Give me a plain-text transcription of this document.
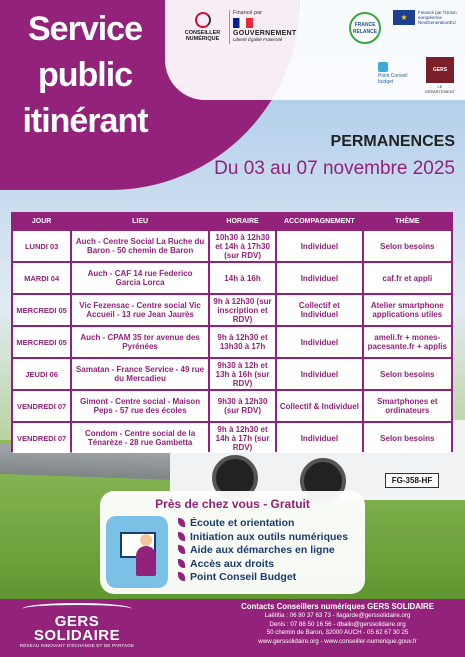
FG-358-HF
Service
public
itinérant
CONSEILLER NUMÉRIQUE
Financé par
GOUVERNEMENT
Liberté Égalité Fraternité
FRANCE RELANCE
★
Financé par l'Union européenne NextGenerationEU
Point Conseil budget
GERS
LE DÉPARTEMENT
PERMANENCES
Du 03 au 07 novembre 2025
JOUR	LIEU	HORAIRE	ACCOMPAGNEMENT	THÈME
LUNDI 03	Auch - Centre Social La Ruche du Baron - 50 chemin de Baron	10h30 à 12h30 et 14h à 17h30 (sur RDV)	Individuel	Selon besoins
MARDI 04	Auch - CAF 14 rue Federico Garcia Lorca	14h à 16h	Individuel	caf.fr et appli
MERCREDI 05	Vic Fezensac - Centre social Vic Accueil - 13 rue Jean Jaurès	9h à 12h30 (sur inscription et RDV)	Collectif et Individuel	Atelier smartphone applications utiles
MERCREDI 05	Auch - CPAM 35 ter avenue des Pyrénées	9h à 12h30 et 13h30 à 17h	Individuel	ameli.fr + mones-pacesante.fr + applis
JEUDI 06	Samatan - France Service - 49 rue du Mercadieu	9h30 à 12h et 13h à 16h (sur RDV)	Individuel	Selon besoins
VENDREDI 07	Gimont - Centre social - Maison Peps - 57 rue des écoles	9h30 à 12h30 (sur RDV)	Collectif & Individuel	Smartphones et ordinateurs
VENDREDI 07	Condom - Centre social de la Ténarèze - 28 rue Gambetta	9h à 12h30 et 14h à 17h (sur RDV)	Individuel	Selon besoins
Près de chez vous - Gratuit
Écoute et orientation
Initiation aux outils numériques
Aide aux démarches en ligne
Accès aux droits
Point Conseil Budget
GERS
SOLIDAIRE
RÉSEAU INNOVANT D'ÉCHANGE ET DE PARTAGE
Contacts Conseillers numériques GERS SOLIDAIRE
Laëtitia : 06 80 37 63 73 - llagarde@gerssolidaire.org
Denis : 07 88 50 16 56 - dbailo@gerssolidaire.org
50 chemin de Baron, 32000 AUCH - 05 62 67 30 25
www.gerssolidaire.org - www.conseiller-numerique.gouv.fr
